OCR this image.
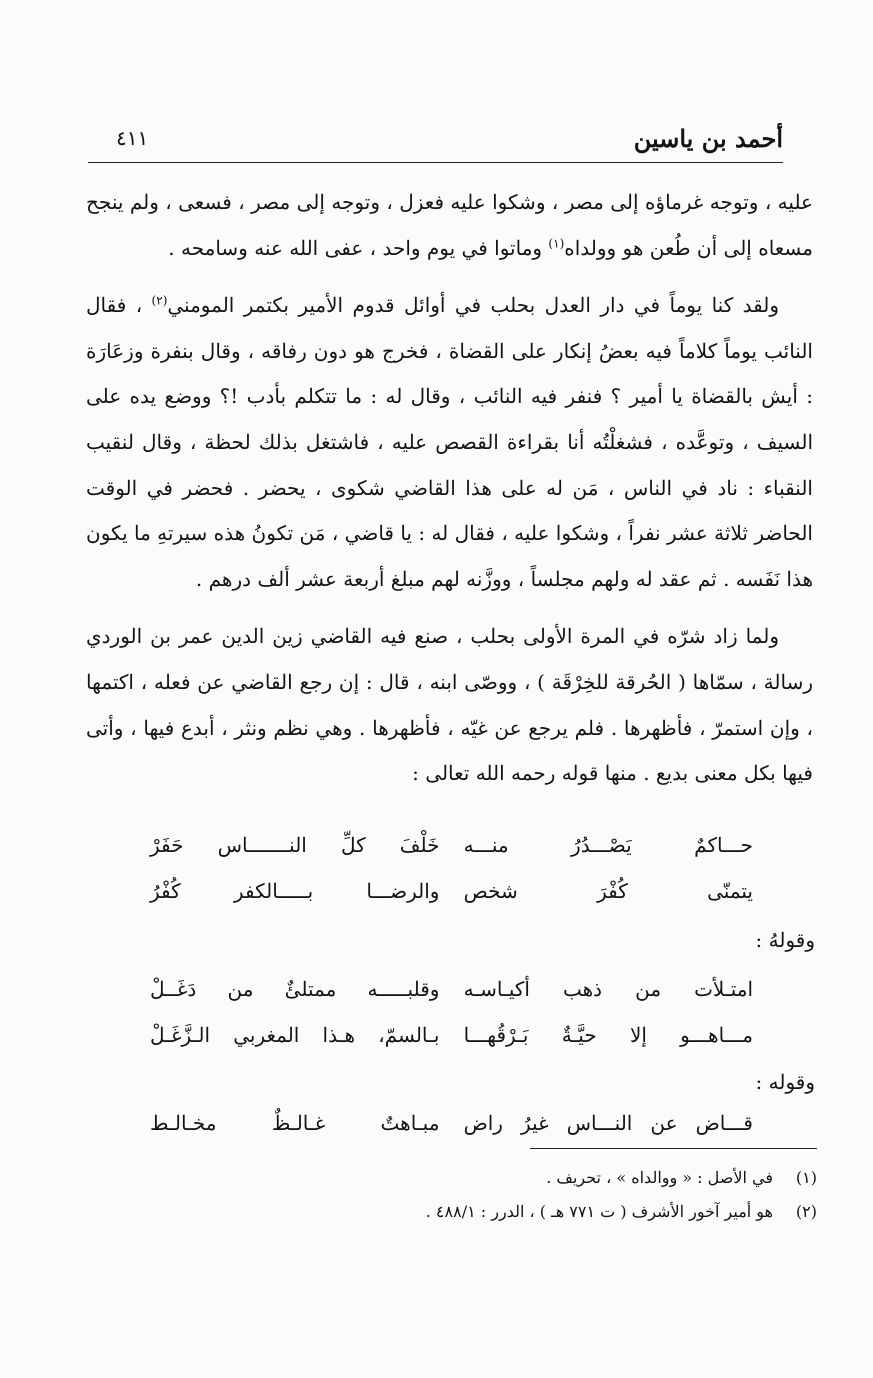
أحمد بن ياسين
٤١١

عليه ، وتوجه غرماؤه إلى مصر ، وشكوا عليه فعزل ، وتوجه إلى مصر ، فسعى ، ولم ينجح مسعاه إلى أن طُعن هو وولداه$^{(١)}$ وماتوا في يوم واحد ، عفى الله عنه وسامحه .

ولقد كنا يوماً في دار العدل بحلب في أوائل قدوم الأمير بكتمر المومني$^{(٢)}$ ، فقال النائب يوماً كلاماً فيه بعضُ إنكار على القضاة ، فخرج هو دون رفاقه ، وقال بنفرة وزعَارَة : أيش بالقضاة يا أمير ؟ فنفر فيه النائب ، وقال له : ما تتكلم بأدب !؟ ووضع يده على السيف ، وتوعَّده ، فشغلْتُه أنا بقراءة القصص عليه ، فاشتغل بذلك لحظة ، وقال لنقيب النقباء : ناد في الناس ، مَن له على هذا القاضي شكوى ، يحضر . فحضر في الوقت الحاضر ثلاثة عشر نفراً ، وشكوا عليه ، فقال له : يا قاضي ، مَن تكونُ هذه سيرتهِ ما يكون هذا نَفَسه . ثم عقد له ولهم مجلساً ، ووزَّنه لهم مبلغ أربعة عشر ألف درهم .

ولما زاد شرّه في المرة الأولى بحلب ، صنع فيه القاضي زين الدين عمر بن الوردي رسالة ، سمّاها ( الحُرقة للخِرْقَة ) ، ووصّى ابنه ، قال : إن رجع القاضي عن فعله ، اكتمها ، وإن استمرّ ، فأظهرها . فلم يرجع عن غيّه ، فأظهرها . وهي نظم ونثر ، أبدع فيها ، وأتى فيها بكل معنى بديع . منها قوله رحمه الله تعالى :

حـــاكمٌ يَصْـــدُرُ منـــه
خَلْفَ كلِّ النـــــــاس حَفَرْ
يتمنّى كُفْرَ شخص
والرضـــا بـــــالكفر كُفْرُ
وقولهُ :
امتـلأت من ذهب أكيـاسـه
وقلبـــــه ممتلئٌ من دَغَــلْ
مـــاهـــو إلا حيَّـةٌ بَـرْقُهـــا
بـالسمّ، هـذا المغربي الـزَّغَـلْ
وقوله :
قـــاض عن النـــاس غيرُ راض
مبـاهتٌ غـالـظٌ مخـالـط
(١)
في الأصل : « ووالداه » ، تحريف .
(٢)
هو أمير آخور الأشرف ( ت ٧٧١ هـ ) ، الدرر : ٤٨٨/١ .
